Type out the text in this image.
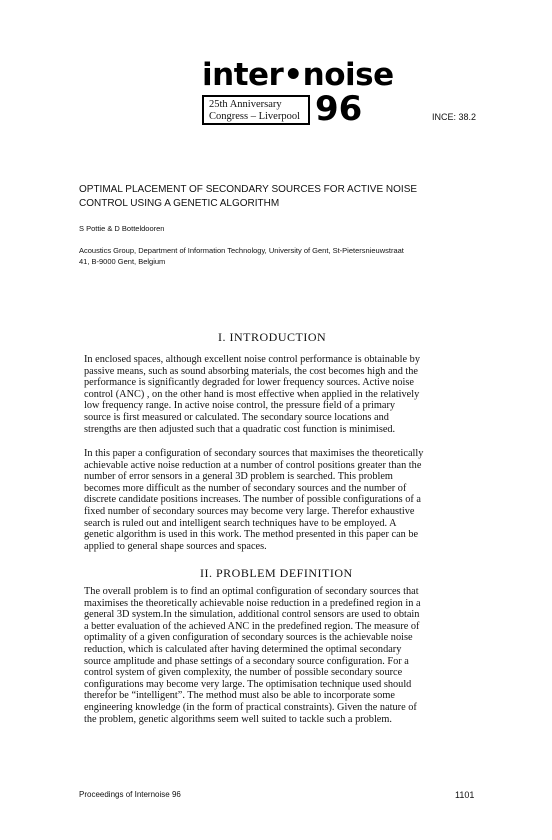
inter•noise
25th Anniversary
Congress – Liverpool 96	INCE: 38.2
OPTIMAL PLACEMENT OF SECONDARY SOURCES FOR ACTIVE NOISE
CONTROL USING A GENETIC ALGORITHM
S Pottie & D Botteldooren
Acoustics Group, Department of Information Technology, University of Gent, St-Pietersnieuwstraat
41, B-9000 Gent, Belgium
I. INTRODUCTION
In enclosed spaces, although excellent noise control performance is obtainable by
passive means, such as sound absorbing materials, the cost becomes high and the
performance is significantly degraded for lower frequency sources. Active noise
control (ANC) , on the other hand is most effective when applied in the relatively
low frequency range. In active noise control, the pressure field of a primary
source is first measured or calculated. The secondary source locations and
strengths are then adjusted such that a quadratic cost function is minimised.
In this paper a configuration of secondary sources that maximises the theoretically
achievable active noise reduction at a number of control positions greater than the
number of error sensors in a general 3D problem is searched. This problem
becomes more difficult as the number of secondary sources and the number of
discrete candidate positions increases. The number of possible configurations of a
fixed number of secondary sources may become very large. Therefor exhaustive
search is ruled out and intelligent search techniques have to be employed. A
genetic algorithm is used in this work. The method presented in this paper can be
applied to general shape sources and spaces.
II. PROBLEM DEFINITION
The overall problem is to find an optimal configuration of secondary sources that
maximises the theoretically achievable noise reduction in a predefined region in a
general 3D system.In the simulation, additional control sensors are used to obtain
a better evaluation of the achieved ANC in the predefined region. The measure of
optimality of a given configuration of secondary sources is the achievable noise
reduction, which is calculated after having determined the optimal secondary
source amplitude and phase settings of a secondary source configuration. For a
control system of given complexity, the number of possible secondary source
configurations may become very large. The optimisation technique used should
therefor be “intelligent”. The method must also be able to incorporate some
engineering knowledge (in the form of practical constraints). Given the nature of
the problem, genetic algorithms seem well suited to tackle such a problem.
Proceedings of Internoise 96	1101
